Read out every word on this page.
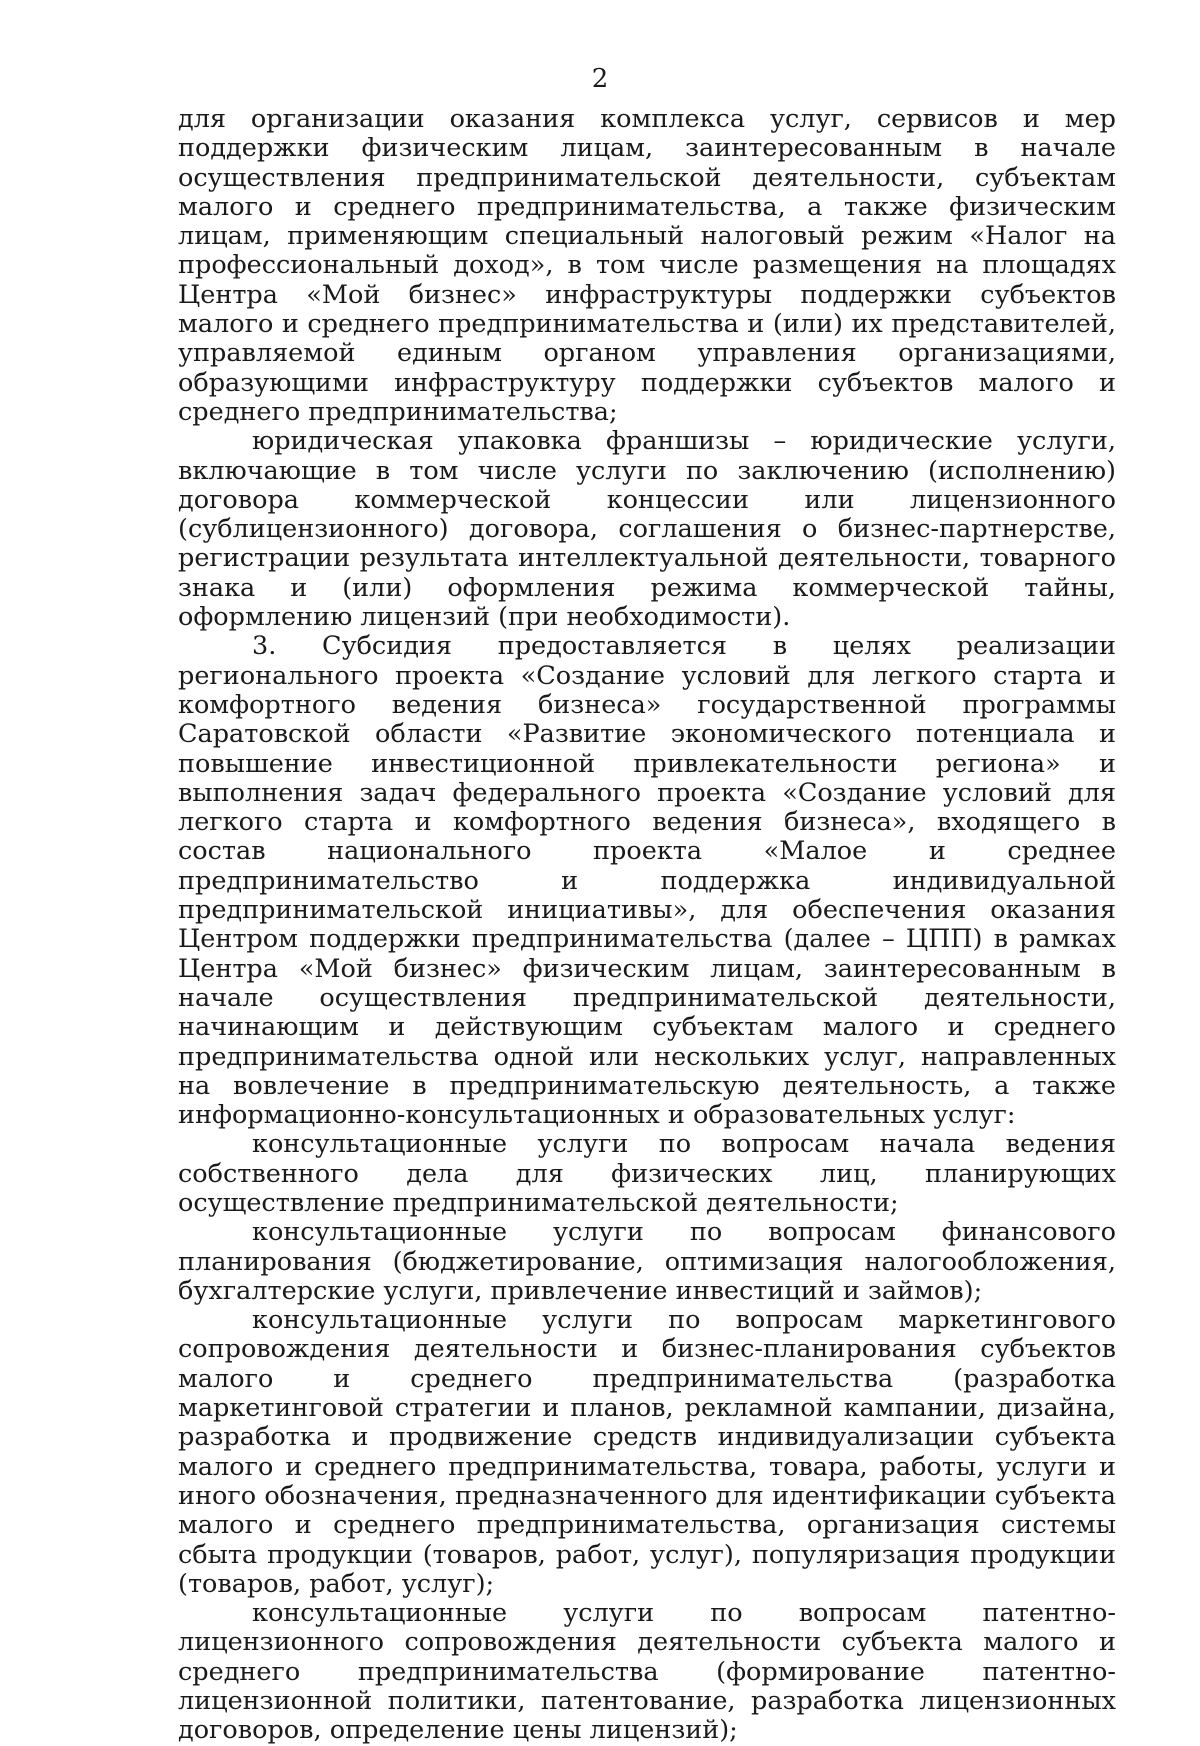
2

для организации оказания комплекса услуг, сервисов и мер поддержки физическим лицам, заинтересованным в начале осуществления предпринимательской деятельности, субъектам малого и среднего предпринимательства, а также физическим лицам, применяющим специальный налоговый режим «Налог на профессиональный доход», в том числе размещения на площадях Центра «Мой бизнес» инфраструктуры поддержки субъектов малого и среднего предпринимательства и (или) их представителей, управляемой единым органом управления организациями, образующими инфраструктуру поддержки субъектов малого и среднего предпринимательства;

юридическая упаковка франшизы – юридические услуги, включающие в том числе услуги по заключению (исполнению) договора коммерческой концессии или лицензионного (сублицензионного) договора, соглашения о бизнес-партнерстве, регистрации результата интеллектуальной деятельности, товарного знака и (или) оформления режима коммерческой тайны, оформлению лицензий (при необходимости).

3. Субсидия предоставляется в целях реализации регионального проекта «Создание условий для легкого старта и комфортного ведения бизнеса» государственной программы Саратовской области «Развитие экономического потенциала и повышение инвестиционной привлекательности региона» и выполнения задач федерального проекта «Создание условий для легкого старта и комфортного ведения бизнеса», входящего в состав национального проекта «Малое и среднее предпринимательство и поддержка индивидуальной предпринимательской инициативы», для обеспечения оказания Центром поддержки предпринимательства (далее – ЦПП) в рамках Центра «Мой бизнес» физическим лицам, заинтересованным в начале осуществления предпринимательской деятельности, начинающим и действующим субъектам малого и среднего предпринимательства одной или нескольких услуг, направленных на вовлечение в предпринимательскую деятельность, а также информационно-консультационных и образовательных услуг:

консультационные услуги по вопросам начала ведения собственного дела для физических лиц, планирующих осуществление предпринимательской деятельности;

консультационные услуги по вопросам финансового планирования (бюджетирование, оптимизация налогообложения, бухгалтерские услуги, привлечение инвестиций и займов);

консультационные услуги по вопросам маркетингового сопровождения деятельности и бизнес-планирования субъектов малого и среднего предпринимательства (разработка маркетинговой стратегии и планов, рекламной кампании, дизайна, разработка и продвижение средств индивидуализации субъекта малого и среднего предпринимательства, товара, работы, услуги и иного обозначения, предназначенного для идентификации субъекта малого и среднего предпринимательства, организация системы сбыта продукции (товаров, работ, услуг), популяризация продукции (товаров, работ, услуг);

консультационные услуги по вопросам патентно-лицензионного сопровождения деятельности субъекта малого и среднего предпринимательства (формирование патентно-лицензионной политики, патентование, разработка лицензионных договоров, определение цены лицензий);
